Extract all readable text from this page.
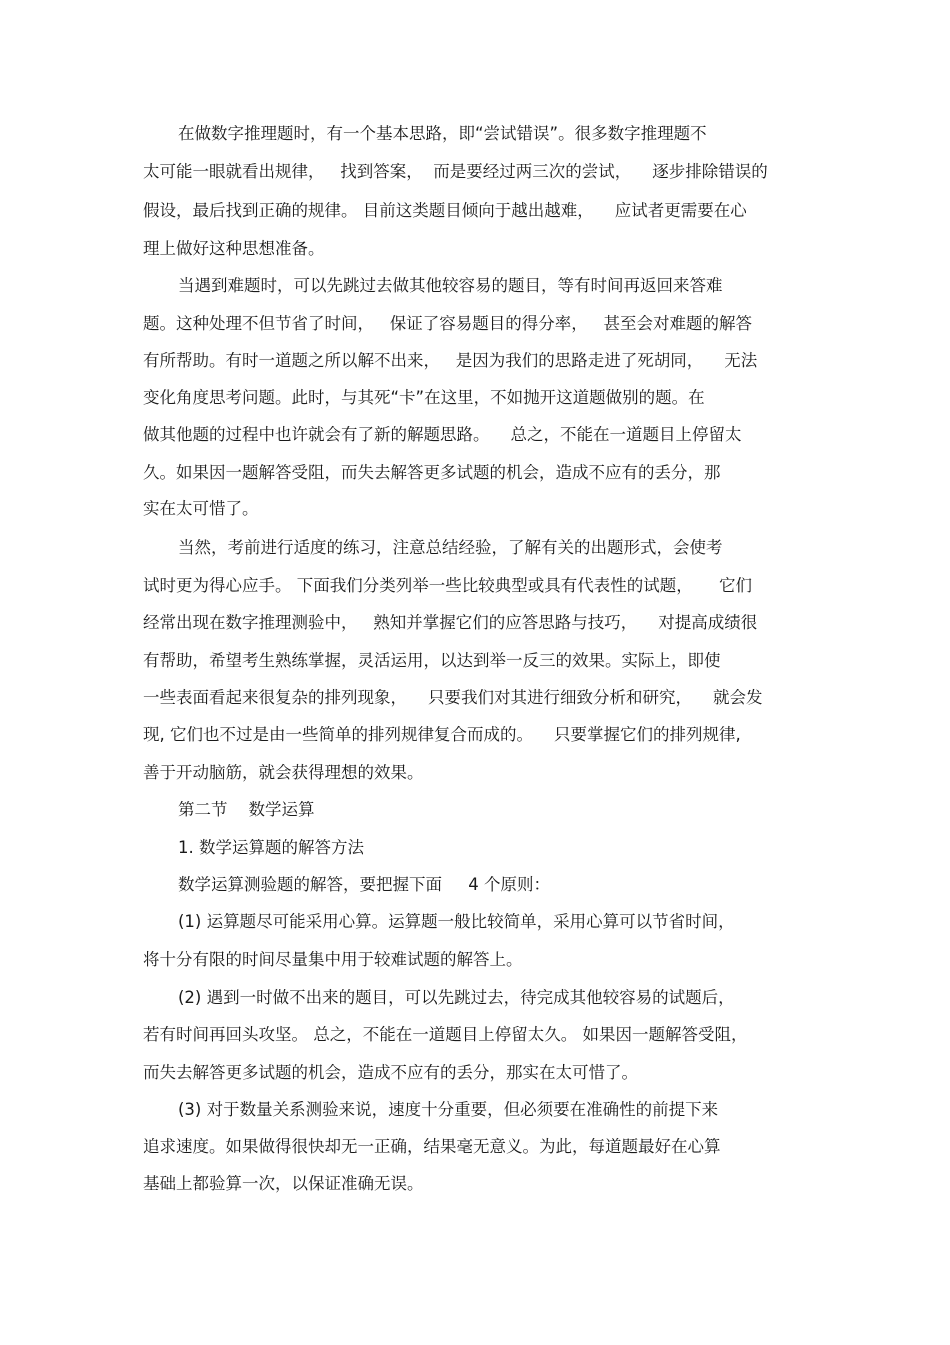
在做数字推理题时，有一个基本思路，即“尝试错误”。很多数字推理题不
太可能一眼就看出规律，   找到答案，  而是要经过两三次的尝试，    逐步排除错误的
假设，最后找到正确的规律。 目前这类题目倾向于越出越难，    应试者更需要在心
理上做好这种思想准备。
当遇到难题时，可以先跳过去做其他较容易的题目，等有时间再返回来答难
题。这种处理不但节省了时间，   保证了容易题目的得分率，   甚至会对难题的解答
有所帮助。有时一道题之所以解不出来，   是因为我们的思路走进了死胡同，    无法
变化角度思考问题。此时，与其死“卡”在这里，不如抛开这道题做别的题。在
做其他题的过程中也许就会有了新的解题思路。    总之，不能在一道题目上停留太
久。如果因一题解答受阻，而失去解答更多试题的机会，造成不应有的丢分，那
实在太可惜了。
当然，考前进行适度的练习，注意总结经验，了解有关的出题形式，会使考
试时更为得心应手。 下面我们分类列举一些比较典型或具有代表性的试题，     它们
经常出现在数字推理测验中，   熟知并掌握它们的应答思路与技巧，    对提高成绩很
有帮助，希望考生熟练掌握，灵活运用，以达到举一反三的效果。实际上，即使
一些表面看起来很复杂的排列现象，    只要我们对其进行细致分析和研究，    就会发
现, 它们也不过是由一些简单的排列规律复合而成的。    只要掌握它们的排列规律,
善于开动脑筋，就会获得理想的效果。
第二节    数学运算
1. 数学运算题的解答方法
数学运算测验题的解答，要把握下面     4 个原则：
(1) 运算题尽可能采用心算。运算题一般比较简单，采用心算可以节省时间，
将十分有限的时间尽量集中用于较难试题的解答上。
(2) 遇到一时做不出来的题目，可以先跳过去，待完成其他较容易的试题后，
若有时间再回头攻坚。 总之，不能在一道题目上停留太久。 如果因一题解答受阻，
而失去解答更多试题的机会，造成不应有的丢分，那实在太可惜了。
(3) 对于数量关系测验来说，速度十分重要，但必须要在准确性的前提下来
追求速度。如果做得很快却无一正确，结果毫无意义。为此，每道题最好在心算
基础上都验算一次，以保证准确无误。
